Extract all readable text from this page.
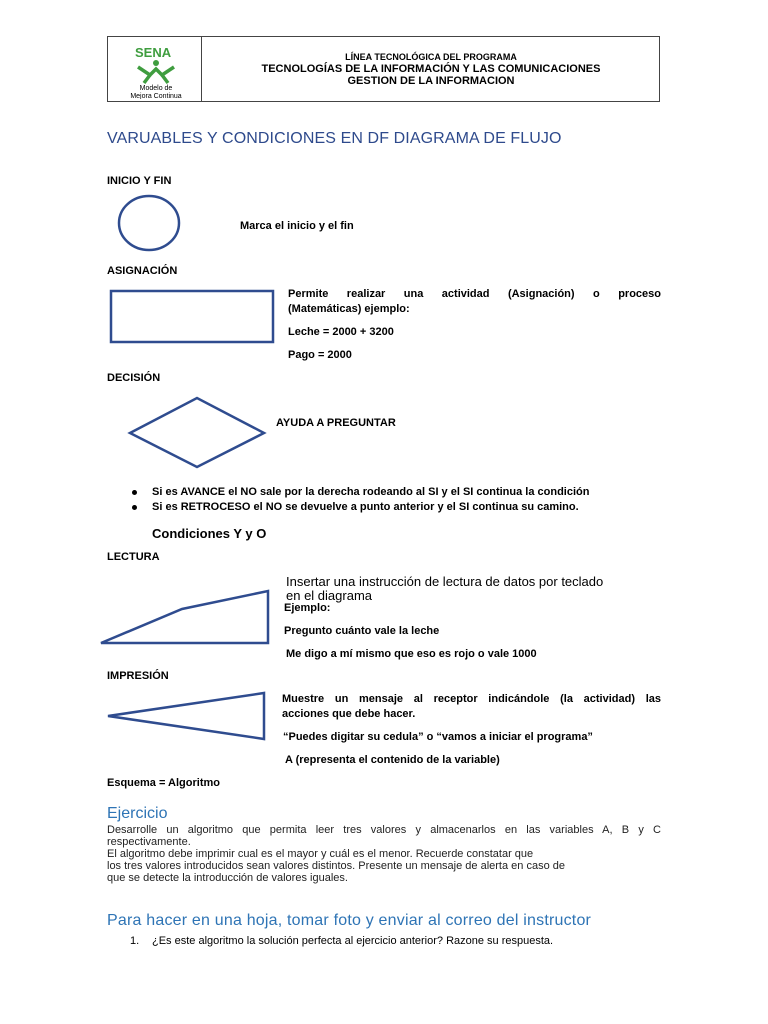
SENA
Modelo de
Mejora Continua
LÍNEA TECNOLÓGICA DEL PROGRAMA
TECNOLOGÍAS DE LA INFORMACIÓN Y LAS COMUNICACIONES
GESTION DE LA INFORMACION
VARUABLES Y CONDICIONES EN DF DIAGRAMA DE FLUJO
INICIO Y FIN
Marca el inicio y el fin
ASIGNACIÓN
Permite realizar una actividad (Asignación) o proceso
(Matemáticas) ejemplo:
Leche = 2000 + 3200
Pago = 2000
DECISIÓN
AYUDA A PREGUNTAR
Si es AVANCE el NO sale por la derecha rodeando al SI y el SI continua la condición
Si es RETROCESO el NO se devuelve a punto anterior y el SI continua su camino.
Condiciones Y y O
LECTURA
Insertar una instrucción de lectura de datos por teclado
en el diagrama
Ejemplo:
Pregunto cuánto vale la leche
Me digo a mí mismo que eso es rojo o vale 1000
IMPRESIÓN
Muestre un mensaje al receptor indicándole (la actividad) las
acciones que debe hacer.
“Puedes digitar su cedula” o “vamos a iniciar el programa”
A (representa el contenido de la variable)
Esquema = Algoritmo
Ejercicio
Desarrolle un algoritmo que permita leer tres valores y almacenarlos en las variables A, B y C
respectivamente.
El algoritmo debe imprimir cual es el mayor y cuál es el menor. Recuerde constatar que
los tres valores introducidos sean valores distintos. Presente un mensaje de alerta en caso de
que se detecte la introducción de valores iguales.
Para hacer en una hoja, tomar foto y enviar al correo del instructor
1. ¿Es este algoritmo la solución perfecta al ejercicio anterior? Razone su respuesta.
